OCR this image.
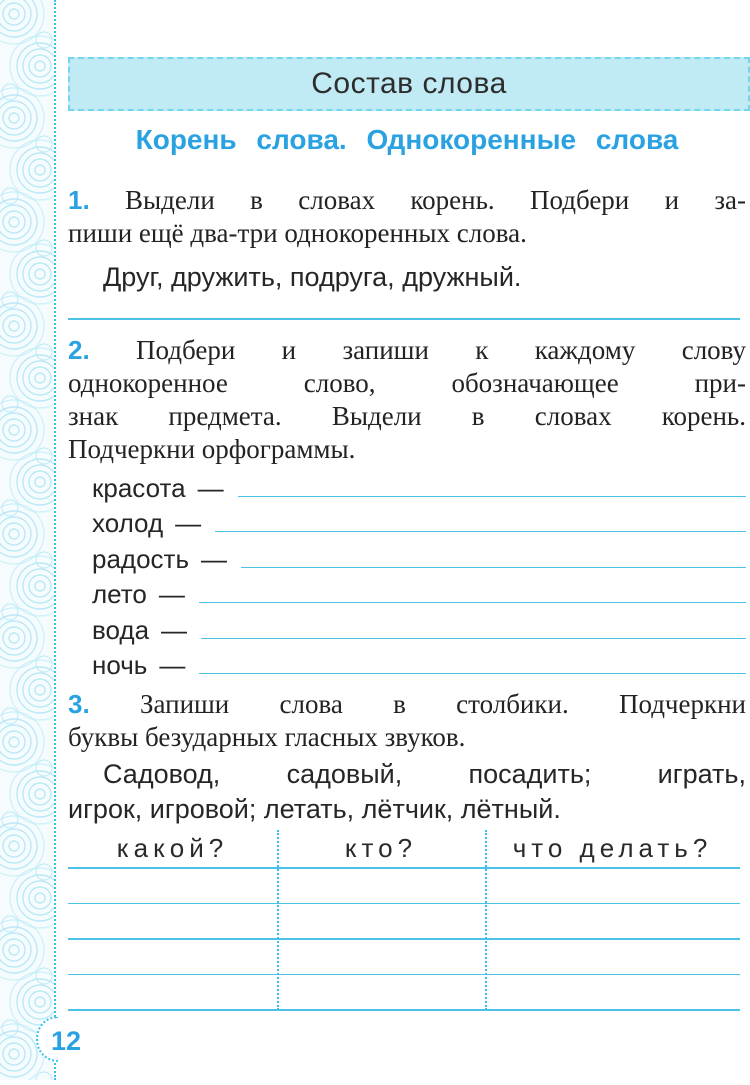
Состав слова
Корень слова. Однокоренные слова
1. Выдели в словах корень. Подбери и за-
пиши ещё два-три однокоренных слова.
Друг, дружить, подруга, дружный.
2. Подбери и запиши к каждому слову
однокоренное слово, обозначающее при-
знак предмета. Выдели в словах корень.
Подчеркни орфограммы.
красота —
холод —
радость —
лето —
вода —
ночь —
3. Запиши слова в столбики. Подчеркни
буквы безударных гласных звуков.
Садовод, садовый, посадить; играть,
игрок, игровой; летать, лётчик, лётный.
какой?	кто?	что делать?
12
